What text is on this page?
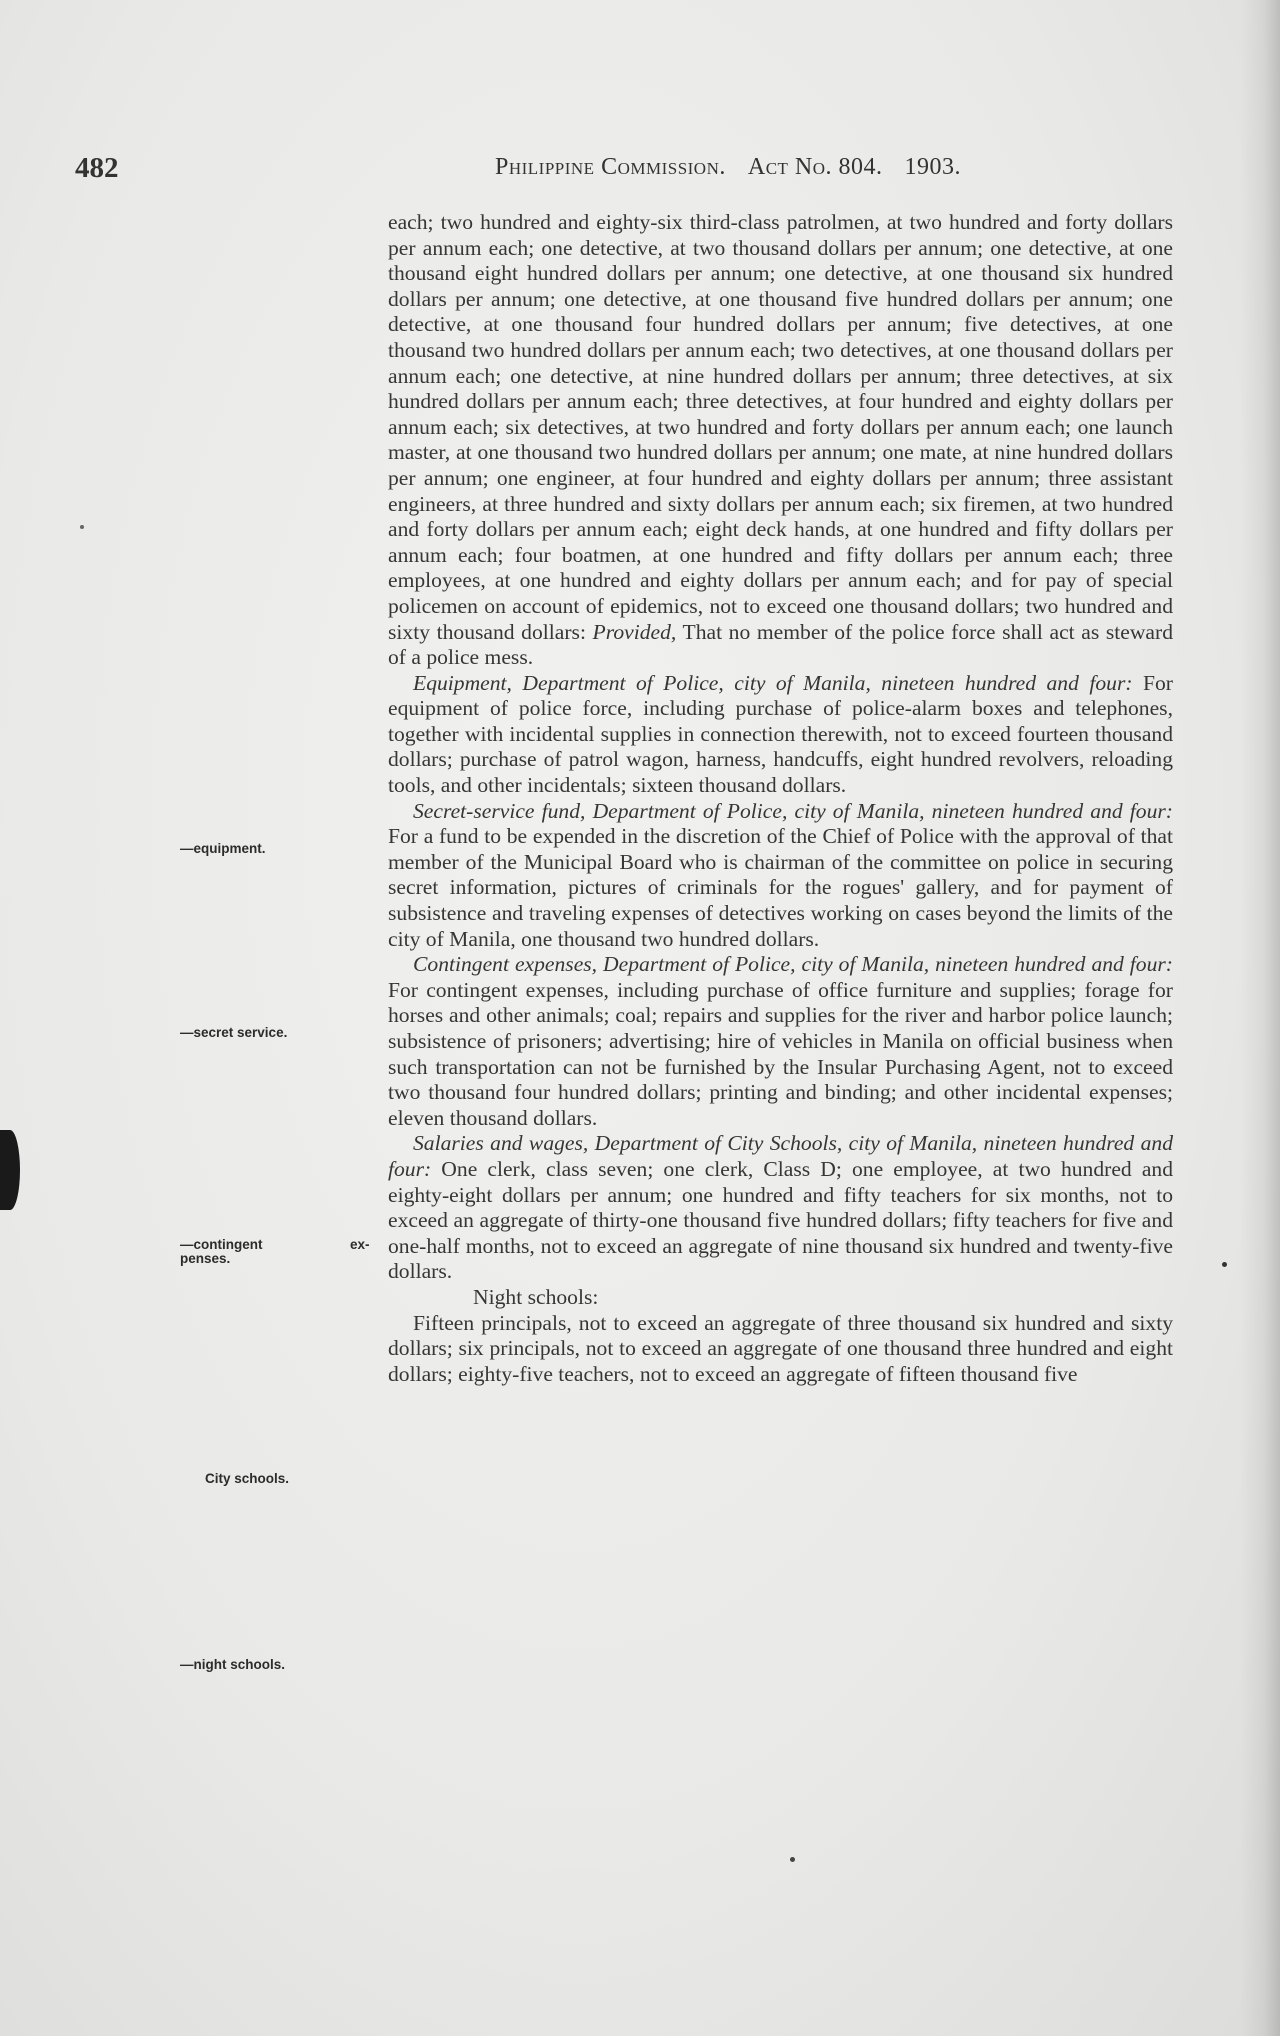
482	Philippine Commission. Act No. 804. 1903.
—equipment.
—secret service.
—contingent
penses.
ex-
City schools.
—night schools.

each; two hundred and eighty-six third-class patrolmen, at two hundred and forty dollars per annum each; one detective, at two thousand dollars per annum; one detective, at one thousand eight hundred dollars per annum; one detective, at one thousand six hundred dollars per annum; one detective, at one thousand five hundred dollars per annum; one detective, at one thousand four hundred dollars per annum; five detectives, at one thousand two hundred dollars per annum each; two detectives, at one thousand dollars per annum each; one detective, at nine hundred dollars per annum; three detectives, at six hundred dollars per annum each; three detectives, at four hundred and eighty dollars per annum each; six detectives, at two hundred and forty dollars per annum each; one launch master, at one thousand two hundred dollars per annum; one mate, at nine hundred dollars per annum; one engineer, at four hundred and eighty dollars per annum; three assistant engineers, at three hundred and sixty dollars per annum each; six firemen, at two hundred and forty dollars per annum each; eight deck hands, at one hundred and fifty dollars per annum each; four boatmen, at one hundred and fifty dollars per annum each; three employees, at one hundred and eighty dollars per annum each; and for pay of special policemen on account of epidemics, not to exceed one thousand dollars; two hundred and sixty thousand dollars: Provided, That no member of the police force shall act as steward of a police mess.

Equipment, Department of Police, city of Manila, nineteen hundred and four: For equipment of police force, including purchase of police-alarm boxes and telephones, together with incidental supplies in connection therewith, not to exceed fourteen thousand dollars; purchase of patrol wagon, harness, handcuffs, eight hundred revolvers, reloading tools, and other incidentals; sixteen thousand dollars.

Secret-service fund, Department of Police, city of Manila, nineteen hundred and four: For a fund to be expended in the discretion of the Chief of Police with the approval of that member of the Municipal Board who is chairman of the committee on police in securing secret information, pictures of criminals for the rogues' gallery, and for payment of subsistence and traveling expenses of detectives working on cases beyond the limits of the city of Manila, one thousand two hundred dollars.

Contingent expenses, Department of Police, city of Manila, nineteen hundred and four: For contingent expenses, including purchase of office furniture and supplies; forage for horses and other animals; coal; repairs and supplies for the river and harbor police launch; subsistence of prisoners; advertising; hire of vehicles in Manila on official business when such transportation can not be furnished by the Insular Purchasing Agent, not to exceed two thousand four hundred dollars; printing and binding; and other incidental expenses; eleven thousand dollars.

Salaries and wages, Department of City Schools, city of Manila, nineteen hundred and four: One clerk, class seven; one clerk, Class D; one employee, at two hundred and eighty-eight dollars per annum; one hundred and fifty teachers for six months, not to exceed an aggregate of thirty-one thousand five hundred dollars; fifty teachers for five and one-half months, not to exceed an aggregate of nine thousand six hundred and twenty-five dollars.

Night schools:

Fifteen principals, not to exceed an aggregate of three thousand six hundred and sixty dollars; six principals, not to exceed an aggregate of one thousand three hundred and eight dollars; eighty-five teachers, not to exceed an aggregate of fifteen thousand five
